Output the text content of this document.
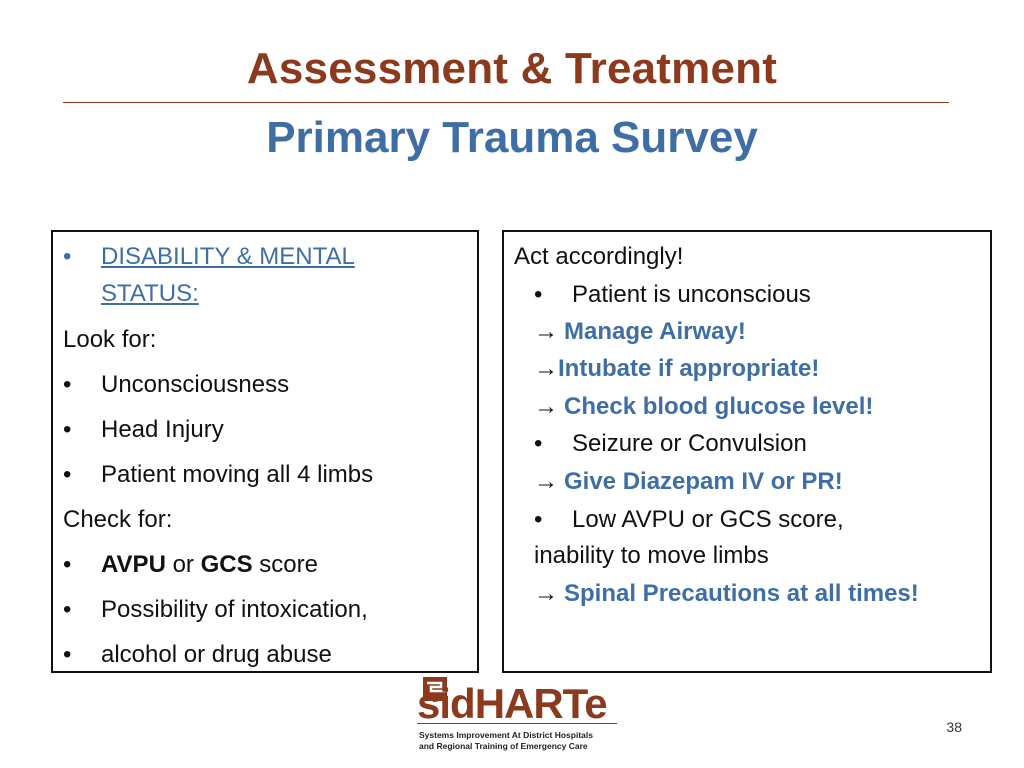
Assessment & Treatment
Primary Trauma Survey
• DISABILITY & MENTAL
STATUS:
Look for:
• Unconsciousness
• Head Injury
• Patient moving all 4 limbs
Check for:
• AVPU or GCS score
• Possibility of intoxication,
• alcohol or drug abuse
Act accordingly!
• Patient is unconscious
→ Manage Airway!
→Intubate if appropriate!
→ Check blood glucose level!
• Seizure or Convulsion
→ Give Diazepam IV or PR!
• Low AVPU or GCS score,
inability to move limbs
→ Spinal Precautions at all times!
sidHARTe
Systems Improvement At District Hospitals
and Regional Training of Emergency Care
38
